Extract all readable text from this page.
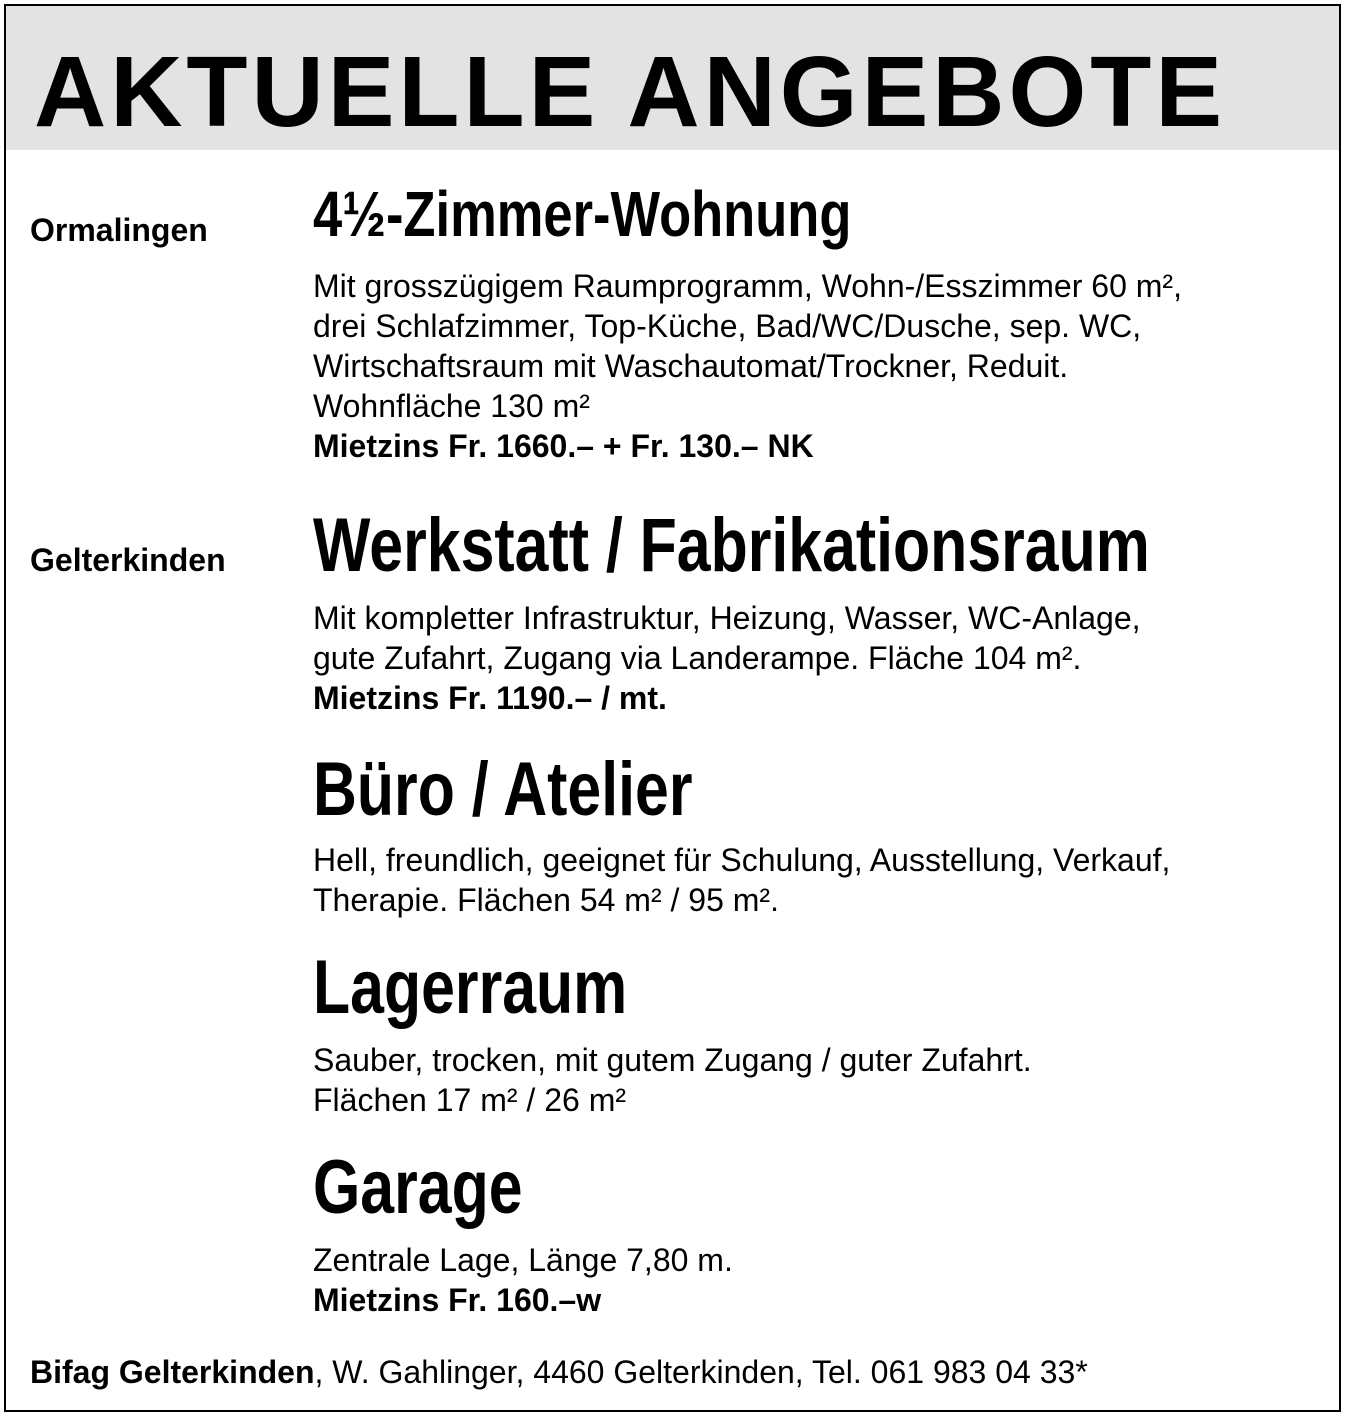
AKTUELLE ANGEBOTE
Ormalingen 4½-Zimmer-Wohnung
Mit grosszügigem Raumprogramm, Wohn-/Esszimmer 60 m²,
drei Schlafzimmer, Top-Küche, Bad/WC/Dusche, sep. WC,
Wirtschaftsraum mit Waschautomat/Trockner, Reduit.
Wohnfläche 130 m²
Mietzins Fr. 1660.– + Fr. 130.– NK
Gelterkinden Werkstatt / Fabrikationsraum
Mit kompletter Infrastruktur, Heizung, Wasser, WC-Anlage,
gute Zufahrt, Zugang via Landerampe. Fläche 104 m².
Mietzins Fr. 1190.– / mt.
Büro / Atelier
Hell, freundlich, geeignet für Schulung, Ausstellung, Verkauf,
Therapie. Flächen 54 m² / 95 m².
Lagerraum
Sauber, trocken, mit gutem Zugang / guter Zufahrt.
Flächen 17 m² / 26 m²
Garage
Zentrale Lage, Länge 7,80 m.
Mietzins Fr. 160.–w
Bifag Gelterkinden, W. Gahlinger, 4460 Gelterkinden, Tel. 061 983 04 33*
